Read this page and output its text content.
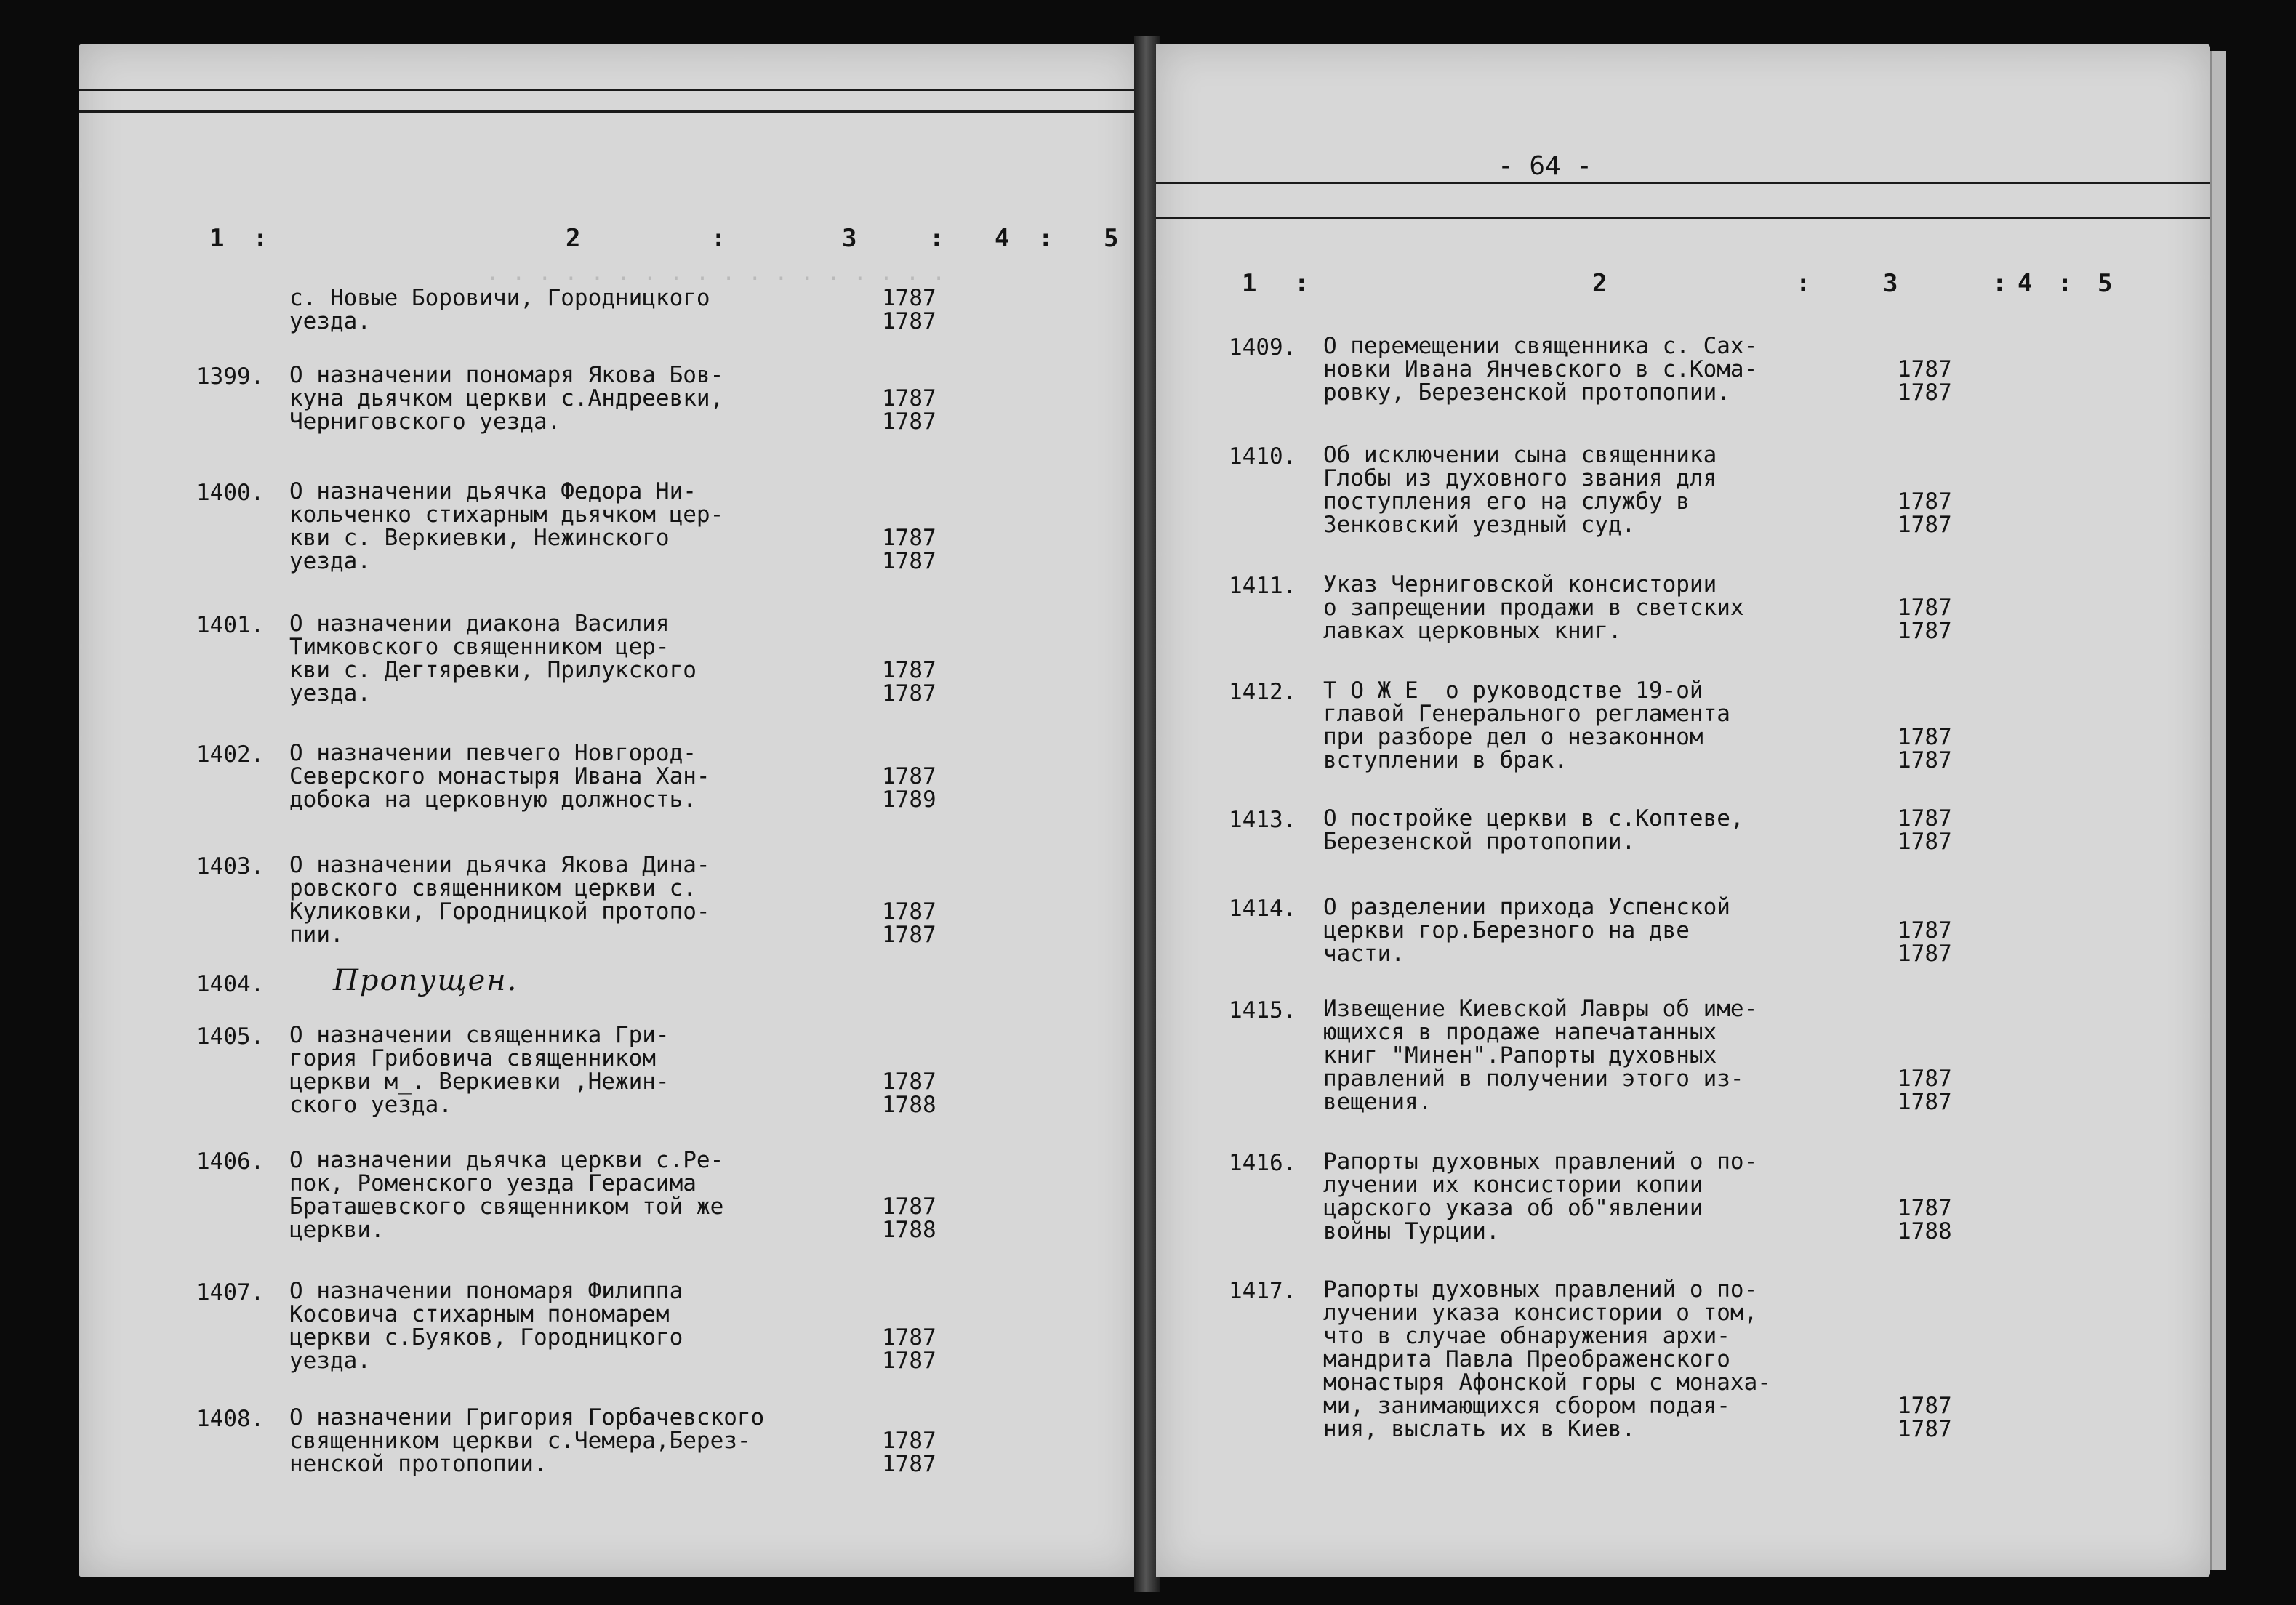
. . . . . . . . . . . . . . . . . .
1 :	2	:	3	: 4 : 5
с. Новые Боровичи, Городницкого
уезда.
1787
1787
1399. О назначении пономаря Якова Бов-
куна дьячком церкви с.Андреевки,
Черниговского уезда.
1787
1787
1400. О назначении дьячка Федора Ни-
кольченко стихарным дьячком цер-
кви с. Веркиевки, Нежинского
уезда.
1787
1787
1401. О назначении диакона Василия
Тимковского священником цер-
кви с. Дегтяревки, Прилукского
уезда.
1787
1787
1402. О назначении певчего Новгород-
Северского монастыря Ивана Хан-
добока на церковную должность.
1787
1789
1403. О назначении дьячка Якова Дина-
ровского священником церкви с.
Куликовки, Городницкой протопо-
пии.
1787
1787
1404. Пропущен.
1405. О назначении священника Гри-
гория Грибовича священником
церкви м_. Веркиевки ,Нежин-
ского уезда.
1787
1788
1406. О назначении дьячка церкви с.Ре-
пок, Роменского уезда Герасима
Браташевского священником той же
церкви.
1787
1788
1407. О назначении пономаря Филиппа
Косовича стихарным пономарем
церкви с.Буяков, Городницкого
уезда.
1787
1787
1408. О назначении Григория Горбачевского
священником церкви с.Чемера,Берез-
ненской протопопии.
1787
1787
- 64 -
1 :	2	:	3	: 4 : 5
1409. О перемещении священника с. Сах-
новки Ивана Янчевского в с.Кома-
ровку, Березенской протопопии.
1787
1787
1410. Об исключении сына священника
Глобы из духовного звания для
поступления его на службу в
Зенковский уездный суд.
1787
1787
1411. Указ Черниговской консистории
о запрещении продажи в светских
лавках церковных книг.
1787
1787
1412. Т О Ж Е  о руководстве 19-ой
главой Генерального регламента
при разборе дел о незаконном
вступлении в брак.
1787
1787
1413. О постройке церкви в с.Коптеве,
Березенской протопопии.
1787
1787
1414. О разделении прихода Успенской
церкви гор.Березного на две
части.
1787
1787
1415. Извещение Киевской Лавры об име-
ющихся в продаже напечатанных
книг "Минен".Рапорты духовных
правлений в получении этого из-
вещения.
1787
1787
1416. Рапорты духовных правлений о по-
лучении их консистории копии
царского указа об об"явлении
войны Турции.
1787
1788
1417. Рапорты духовных правлений о по-
лучении указа консистории о том,
что в случае обнаружения архи-
мандрита Павла Преображенского
монастыря Афонской горы с монаха-
ми, занимающихся сбором подая-
ния, выслать их в Киев.
1787
1787
